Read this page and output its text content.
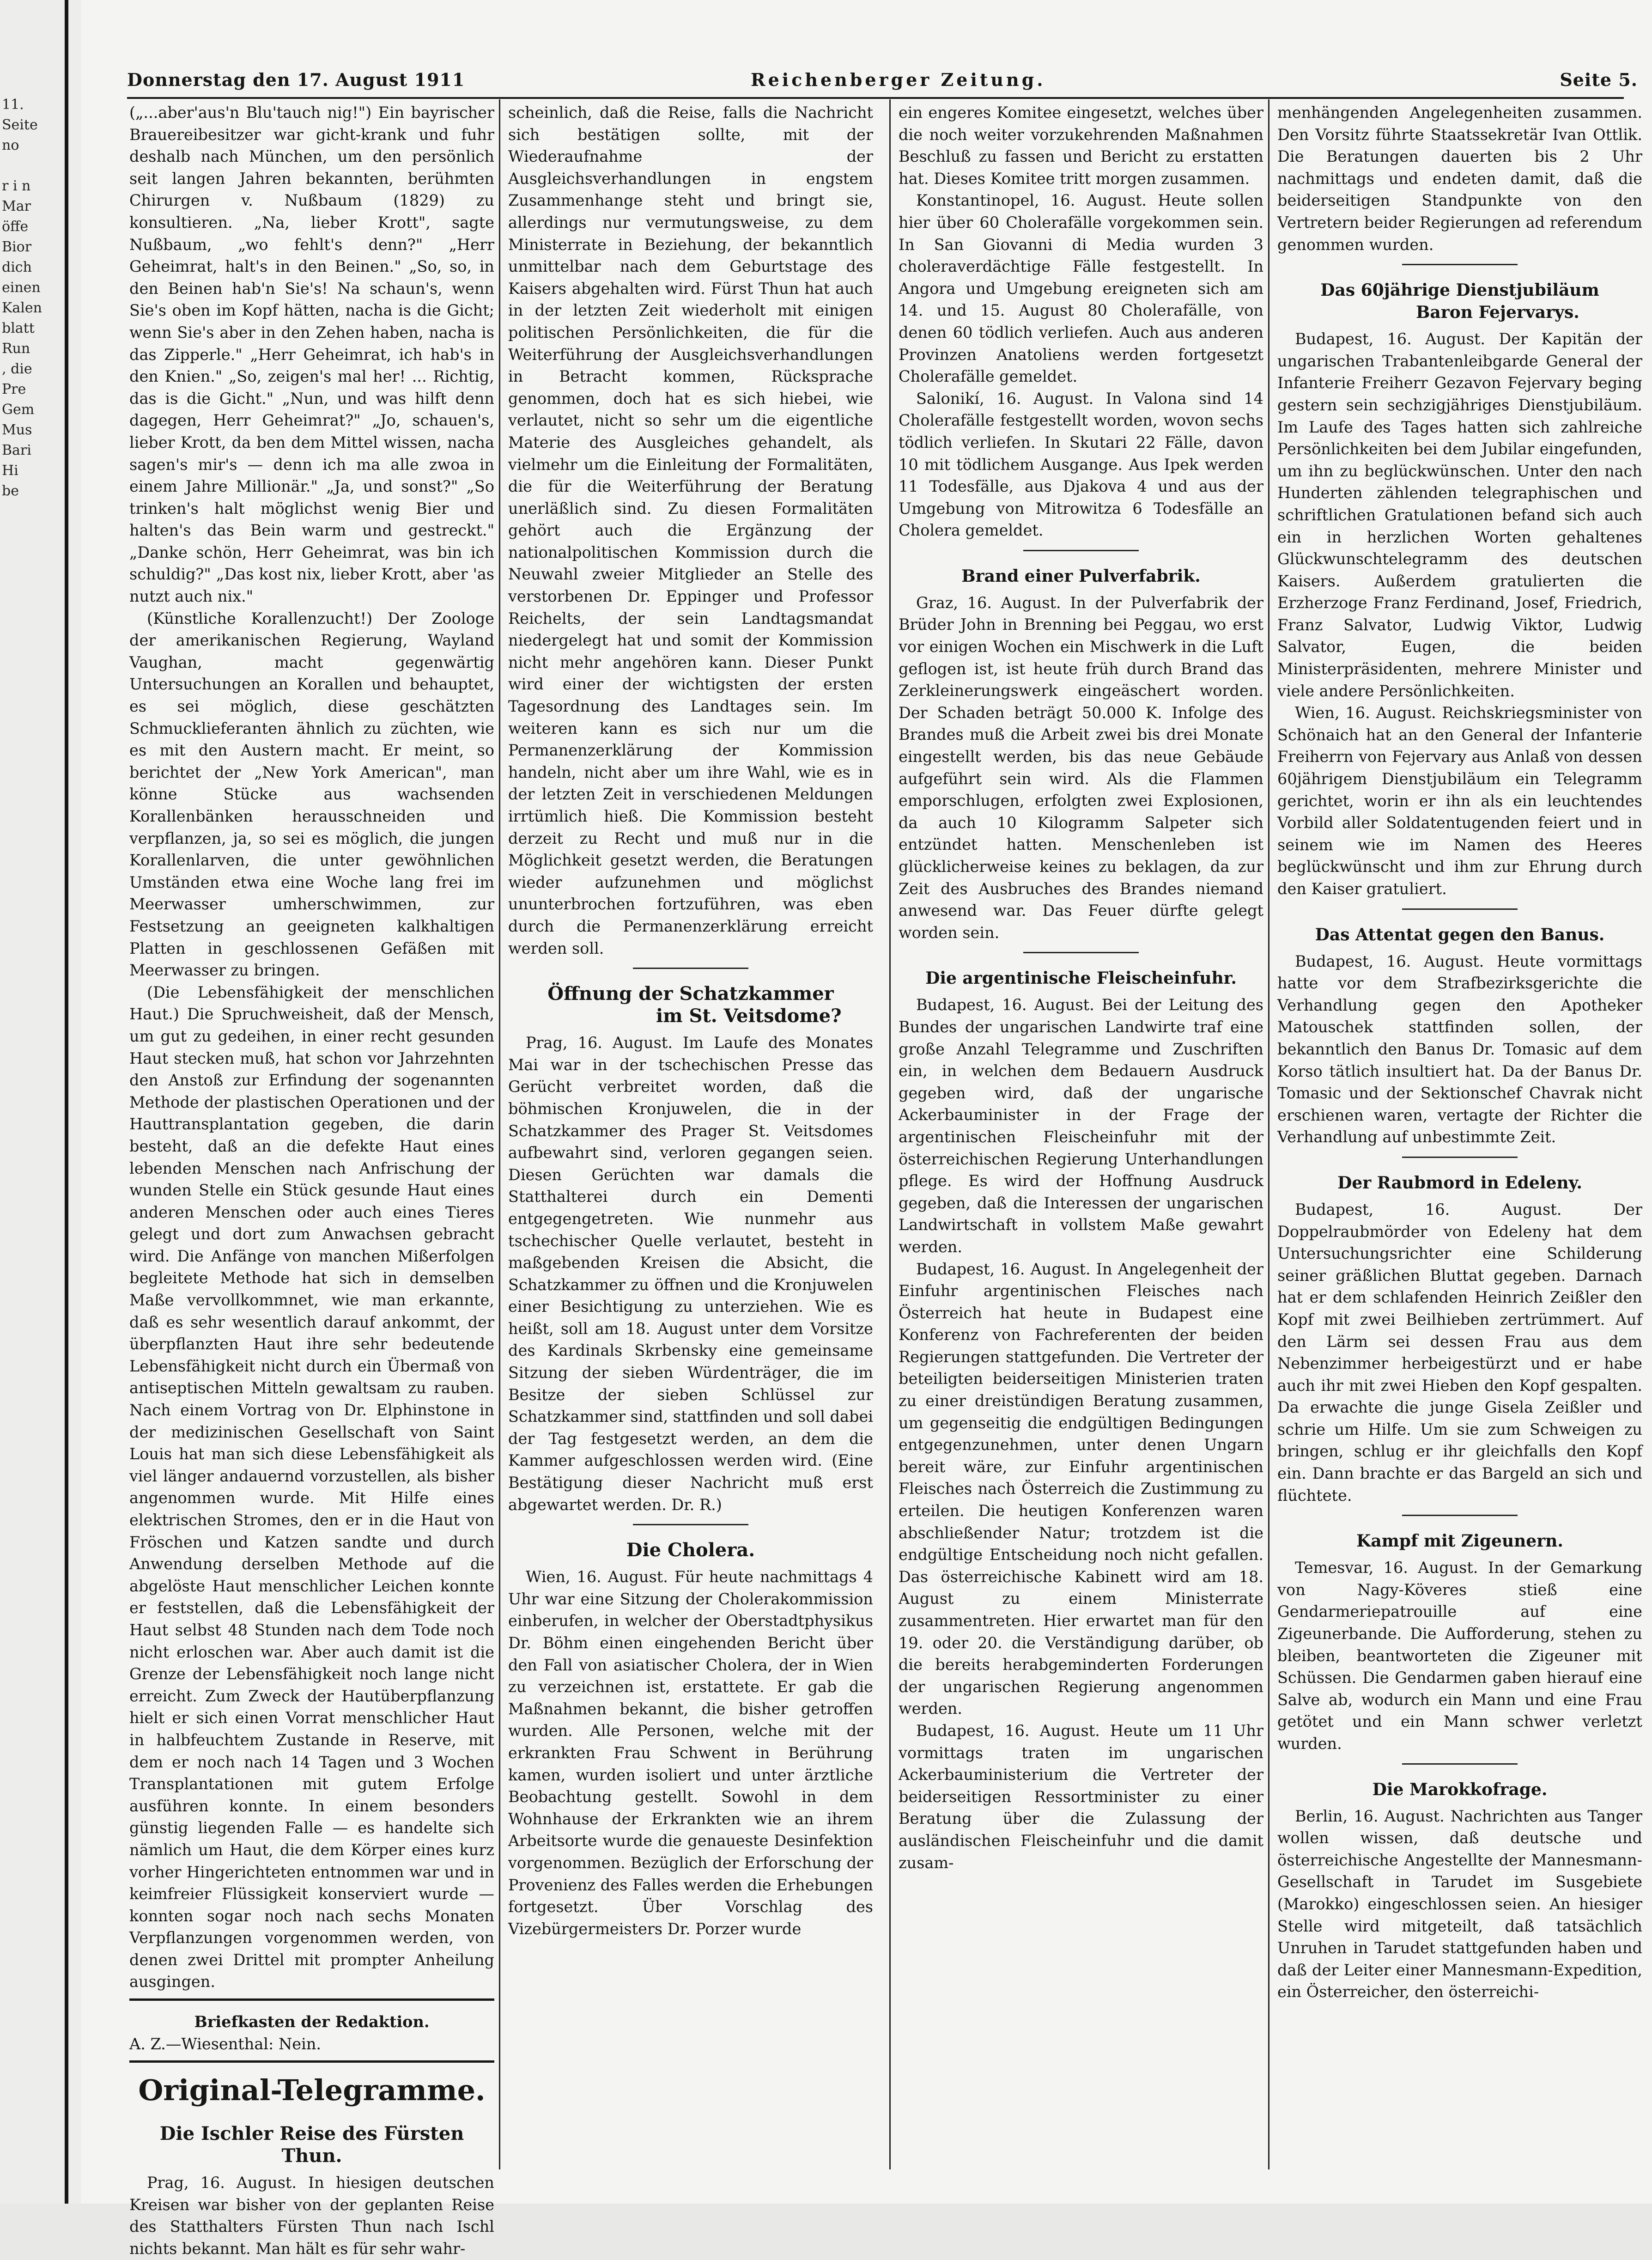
11.
Seite
no

r i n
Mar
öffe
Bior
dich
einen
Kalen
blatt
Run
, die
Pre
Gem
Mus
Bari
Hi
be

Donnerstag den 17. August 1911	Reichenberger Zeitung.	Seite 5.

(„...aber'aus'n Blu'tauch nig!") Ein bayrischer Brauereibesitzer war gicht-krank und fuhr deshalb nach München, um den persönlich seit langen Jahren bekannten, berühmten Chirurgen v. Nußbaum (1829) zu konsultieren. „Na, lieber Krott", sagte Nußbaum, „wo fehlt's denn?" „Herr Geheimrat, halt's in den Beinen." „So, so, in den Beinen hab'n Sie's! Na schaun's, wenn Sie's oben im Kopf hätten, nacha is die Gicht; wenn Sie's aber in den Zehen haben, nacha is das Zipperle." „Herr Geheimrat, ich hab's in den Knien." „So, zeigen's mal her! ... Richtig, das is die Gicht." „Nun, und was hilft denn dagegen, Herr Geheimrat?" „Jo, schauen's, lieber Krott, da ben dem Mittel wissen, nacha sagen's mir's — denn ich ma alle zwoa in einem Jahre Millionär." „Ja, und sonst?" „So trinken's halt möglichst wenig Bier und halten's das Bein warm und gestreckt." „Danke schön, Herr Geheimrat, was bin ich schuldig?" „Das kost nix, lieber Krott, aber 'as nutzt auch nix."

(Künstliche Korallenzucht!) Der Zoologe der amerikanischen Regierung, Wayland Vaughan, macht gegenwärtig Untersuchungen an Korallen und behauptet, es sei möglich, diese geschätzten Schmucklieferanten ähnlich zu züchten, wie es mit den Austern macht. Er meint, so berichtet der „New York American", man könne Stücke aus wachsenden Korallenbänken herausschneiden und verpflanzen, ja, so sei es möglich, die jungen Korallenlarven, die unter gewöhnlichen Umständen etwa eine Woche lang frei im Meerwasser umherschwimmen, zur Festsetzung an geeigneten kalkhaltigen Platten in geschlossenen Gefäßen mit Meerwasser zu bringen.

(Die Lebensfähigkeit der menschlichen Haut.) Die Spruchweisheit, daß der Mensch, um gut zu gedeihen, in einer recht gesunden Haut stecken muß, hat schon vor Jahrzehnten den Anstoß zur Erfindung der sogenannten Methode der plastischen Operationen und der Hauttransplantation gegeben, die darin besteht, daß an die defekte Haut eines lebenden Menschen nach Anfrischung der wunden Stelle ein Stück gesunde Haut eines anderen Menschen oder auch eines Tieres gelegt und dort zum Anwachsen gebracht wird. Die Anfänge von manchen Mißerfolgen begleitete Methode hat sich in demselben Maße vervollkommnet, wie man erkannte, daß es sehr wesentlich darauf ankommt, der überpflanzten Haut ihre sehr bedeutende Lebensfähigkeit nicht durch ein Übermaß von antiseptischen Mitteln gewaltsam zu rauben. Nach einem Vortrag von Dr. Elphinstone in der medizinischen Gesellschaft von Saint Louis hat man sich diese Lebensfähigkeit als viel länger andauernd vorzustellen, als bisher angenommen wurde. Mit Hilfe eines elektrischen Stromes, den er in die Haut von Fröschen und Katzen sandte und durch Anwendung derselben Methode auf die abgelöste Haut menschlicher Leichen konnte er feststellen, daß die Lebensfähigkeit der Haut selbst 48 Stunden nach dem Tode noch nicht erloschen war. Aber auch damit ist die Grenze der Lebensfähigkeit noch lange nicht erreicht. Zum Zweck der Hautüberpflanzung hielt er sich einen Vorrat menschlicher Haut in halbfeuchtem Zustande in Reserve, mit dem er noch nach 14 Tagen und 3 Wochen Transplantationen mit gutem Erfolge ausführen konnte. In einem besonders günstig liegenden Falle — es handelte sich nämlich um Haut, die dem Körper eines kurz vorher Hingerichteten entnommen war und in keimfreier Flüssigkeit konserviert wurde — konnten sogar noch nach sechs Monaten Verpflanzungen vorgenommen werden, von denen zwei Drittel mit prompter Anheilung ausgingen.

Briefkasten der Redaktion.

A. Z.—Wiesenthal: Nein.

Original-Telegramme.
Die Ischler Reise des Fürsten Thun.

Prag, 16. August. In hiesigen deutschen Kreisen war bisher von der geplanten Reise des Statthalters Fürsten Thun nach Ischl nichts bekannt. Man hält es für sehr wahr-

scheinlich, daß die Reise, falls die Nachricht sich bestätigen sollte, mit der Wiederaufnahme der Ausgleichsverhandlungen in engstem Zusammenhange steht und bringt sie, allerdings nur vermutungsweise, zu dem Ministerrate in Beziehung, der bekanntlich unmittelbar nach dem Geburtstage des Kaisers abgehalten wird. Fürst Thun hat auch in der letzten Zeit wiederholt mit einigen politischen Persönlichkeiten, die für die Weiterführung der Ausgleichsverhandlungen in Betracht kommen, Rücksprache genommen, doch hat es sich hiebei, wie verlautet, nicht so sehr um die eigentliche Materie des Ausgleiches gehandelt, als vielmehr um die Einleitung der Formalitäten, die für die Weiterführung der Beratung unerläßlich sind. Zu diesen Formalitäten gehört auch die Ergänzung der nationalpolitischen Kommission durch die Neuwahl zweier Mitglieder an Stelle des verstorbenen Dr. Eppinger und Professor Reichelts, der sein Landtagsmandat niedergelegt hat und somit der Kommission nicht mehr angehören kann. Dieser Punkt wird einer der wichtigsten der ersten Tagesordnung des Landtages sein. Im weiteren kann es sich nur um die Permanenzerklärung der Kommission handeln, nicht aber um ihre Wahl, wie es in der letzten Zeit in verschiedenen Meldungen irrtümlich hieß. Die Kommission besteht derzeit zu Recht und muß nur in die Möglichkeit gesetzt werden, die Beratungen wieder aufzunehmen und möglichst ununterbrochen fortzuführen, was eben durch die Permanenzerklärung erreicht werden soll.

Öffnung der Schatzkammer
im St. Veitsdome?

Prag, 16. August. Im Laufe des Monates Mai war in der tschechischen Presse das Gerücht verbreitet worden, daß die böhmischen Kronjuwelen, die in der Schatzkammer des Prager St. Veitsdomes aufbewahrt sind, verloren gegangen seien. Diesen Gerüchten war damals die Statthalterei durch ein Dementi entgegengetreten. Wie nunmehr aus tschechischer Quelle verlautet, besteht in maßgebenden Kreisen die Absicht, die Schatzkammer zu öffnen und die Kronjuwelen einer Besichtigung zu unterziehen. Wie es heißt, soll am 18. August unter dem Vorsitze des Kardinals Skrbensky eine gemeinsame Sitzung der sieben Würdenträger, die im Besitze der sieben Schlüssel zur Schatzkammer sind, stattfinden und soll dabei der Tag festgesetzt werden, an dem die Kammer aufgeschlossen werden wird. (Eine Bestätigung dieser Nachricht muß erst abgewartet werden. Dr. R.)

Die Cholera.

Wien, 16. August. Für heute nachmittags 4 Uhr war eine Sitzung der Cholerakommission einberufen, in welcher der Oberstadtphysikus Dr. Böhm einen eingehenden Bericht über den Fall von asiatischer Cholera, der in Wien zu verzeichnen ist, erstattete. Er gab die Maßnahmen bekannt, die bisher getroffen wurden. Alle Personen, welche mit der erkrankten Frau Schwent in Berührung kamen, wurden isoliert und unter ärztliche Beobachtung gestellt. Sowohl in dem Wohnhause der Erkrankten wie an ihrem Arbeitsorte wurde die genaueste Desinfektion vorgenommen. Bezüglich der Erforschung der Provenienz des Falles werden die Erhebungen fortgesetzt. Über Vorschlag des Vizebürgermeisters Dr. Porzer wurde

ein engeres Komitee eingesetzt, welches über die noch weiter vorzukehrenden Maßnahmen Beschluß zu fassen und Bericht zu erstatten hat. Dieses Komitee tritt morgen zusammen.

Konstantinopel, 16. August. Heute sollen hier über 60 Cholerafälle vorgekommen sein. In San Giovanni di Media wurden 3 choleraverdächtige Fälle festgestellt. In Angora und Umgebung ereigneten sich am 14. und 15. August 80 Cholerafälle, von denen 60 tödlich verliefen. Auch aus anderen Provinzen Anatoliens werden fortgesetzt Cholerafälle gemeldet.

Salonikí, 16. August. In Valona sind 14 Cholerafälle festgestellt worden, wovon sechs tödlich verliefen. In Skutari 22 Fälle, davon 10 mit tödlichem Ausgange. Aus Ipek werden 11 Todesfälle, aus Djakova 4 und aus der Umgebung von Mitrowitza 6 Todesfälle an Cholera gemeldet.

Brand einer Pulverfabrik.

Graz, 16. August. In der Pulverfabrik der Brüder John in Brenning bei Peggau, wo erst vor einigen Wochen ein Mischwerk in die Luft geflogen ist, ist heute früh durch Brand das Zerkleinerungswerk eingeäschert worden. Der Schaden beträgt 50.000 K. Infolge des Brandes muß die Arbeit zwei bis drei Monate eingestellt werden, bis das neue Gebäude aufgeführt sein wird. Als die Flammen emporschlugen, erfolgten zwei Explosionen, da auch 10 Kilogramm Salpeter sich entzündet hatten. Menschenleben ist glücklicherweise keines zu beklagen, da zur Zeit des Ausbruches des Brandes niemand anwesend war. Das Feuer dürfte gelegt worden sein.

Die argentinische Fleischeinfuhr.

Budapest, 16. August. Bei der Leitung des Bundes der ungarischen Landwirte traf eine große Anzahl Telegramme und Zuschriften ein, in welchen dem Bedauern Ausdruck gegeben wird, daß der ungarische Ackerbauminister in der Frage der argentinischen Fleischeinfuhr mit der österreichischen Regierung Unterhandlungen pflege. Es wird der Hoffnung Ausdruck gegeben, daß die Interessen der ungarischen Landwirtschaft in vollstem Maße gewahrt werden.

Budapest, 16. August. In Angelegenheit der Einfuhr argentinischen Fleisches nach Österreich hat heute in Budapest eine Konferenz von Fachreferenten der beiden Regierungen stattgefunden. Die Vertreter der beteiligten beiderseitigen Ministerien traten zu einer dreistündigen Beratung zusammen, um gegenseitig die endgültigen Bedingungen entgegenzunehmen, unter denen Ungarn bereit wäre, zur Einfuhr argentinischen Fleisches nach Österreich die Zustimmung zu erteilen. Die heutigen Konferenzen waren abschließender Natur; trotzdem ist die endgültige Entscheidung noch nicht gefallen. Das österreichische Kabinett wird am 18. August zu einem Ministerrate zusammentreten. Hier erwartet man für den 19. oder 20. die Verständigung darüber, ob die bereits herabgeminderten Forderungen der ungarischen Regierung angenommen werden.

Budapest, 16. August. Heute um 11 Uhr vormittags traten im ungarischen Ackerbauministerium die Vertreter der beiderseitigen Ressortminister zu einer Beratung über die Zulassung der ausländischen Fleischeinfuhr und die damit zusam-

menhängenden Angelegenheiten zusammen. Den Vorsitz führte Staatssekretär Ivan Ottlik. Die Beratungen dauerten bis 2 Uhr nachmittags und endeten damit, daß die beiderseitigen Standpunkte von den Vertretern beider Regierungen ad referendum genommen wurden.

Das 60jährige Dienstjubiläum
Baron Fejervarys.

Budapest, 16. August. Der Kapitän der ungarischen Trabantenleibgarde General der Infanterie Freiherr Gezavon Fejervary beging gestern sein sechzigjähriges Dienstjubiläum. Im Laufe des Tages hatten sich zahlreiche Persönlichkeiten bei dem Jubilar eingefunden, um ihn zu beglückwünschen. Unter den nach Hunderten zählenden telegraphischen und schriftlichen Gratulationen befand sich auch ein in herzlichen Worten gehaltenes Glückwunschtelegramm des deutschen Kaisers. Außerdem gratulierten die Erzherzoge Franz Ferdinand, Josef, Friedrich, Franz Salvator, Ludwig Viktor, Ludwig Salvator, Eugen, die beiden Ministerpräsidenten, mehrere Minister und viele andere Persönlichkeiten.

Wien, 16. August. Reichskriegsminister von Schönaich hat an den General der Infanterie Freiherrn von Fejervary aus Anlaß von dessen 60jährigem Dienstjubiläum ein Telegramm gerichtet, worin er ihn als ein leuchtendes Vorbild aller Soldatentugenden feiert und in seinem wie im Namen des Heeres beglückwünscht und ihm zur Ehrung durch den Kaiser gratuliert.

Das Attentat gegen den Banus.

Budapest, 16. August. Heute vormittags hatte vor dem Strafbezirksgerichte die Verhandlung gegen den Apotheker Matouschek stattfinden sollen, der bekanntlich den Banus Dr. Tomasic auf dem Korso tätlich insultiert hat. Da der Banus Dr. Tomasic und der Sektionschef Chavrak nicht erschienen waren, vertagte der Richter die Verhandlung auf unbestimmte Zeit.

Der Raubmord in Edeleny.

Budapest, 16. August. Der Doppelraubmörder von Edeleny hat dem Untersuchungsrichter eine Schilderung seiner gräßlichen Bluttat gegeben. Darnach hat er dem schlafenden Heinrich Zeißler den Kopf mit zwei Beilhieben zertrümmert. Auf den Lärm sei dessen Frau aus dem Nebenzimmer herbeigestürzt und er habe auch ihr mit zwei Hieben den Kopf gespalten. Da erwachte die junge Gisela Zeißler und schrie um Hilfe. Um sie zum Schweigen zu bringen, schlug er ihr gleichfalls den Kopf ein. Dann brachte er das Bargeld an sich und flüchtete.

Kampf mit Zigeunern.

Temesvar, 16. August. In der Gemarkung von Nagy-Köveres stieß eine Gendarmeriepatrouille auf eine Zigeunerbande. Die Aufforderung, stehen zu bleiben, beantworteten die Zigeuner mit Schüssen. Die Gendarmen gaben hierauf eine Salve ab, wodurch ein Mann und eine Frau getötet und ein Mann schwer verletzt wurden.

Die Marokkofrage.

Berlin, 16. August. Nachrichten aus Tanger wollen wissen, daß deutsche und österreichische Angestellte der Mannesmann-Gesellschaft in Tarudet im Susgebiete (Marokko) eingeschlossen seien. An hiesiger Stelle wird mitgeteilt, daß tatsächlich Unruhen in Tarudet stattgefunden haben und daß der Leiter einer Mannesmann-Expedition, ein Österreicher, den österreichi-
